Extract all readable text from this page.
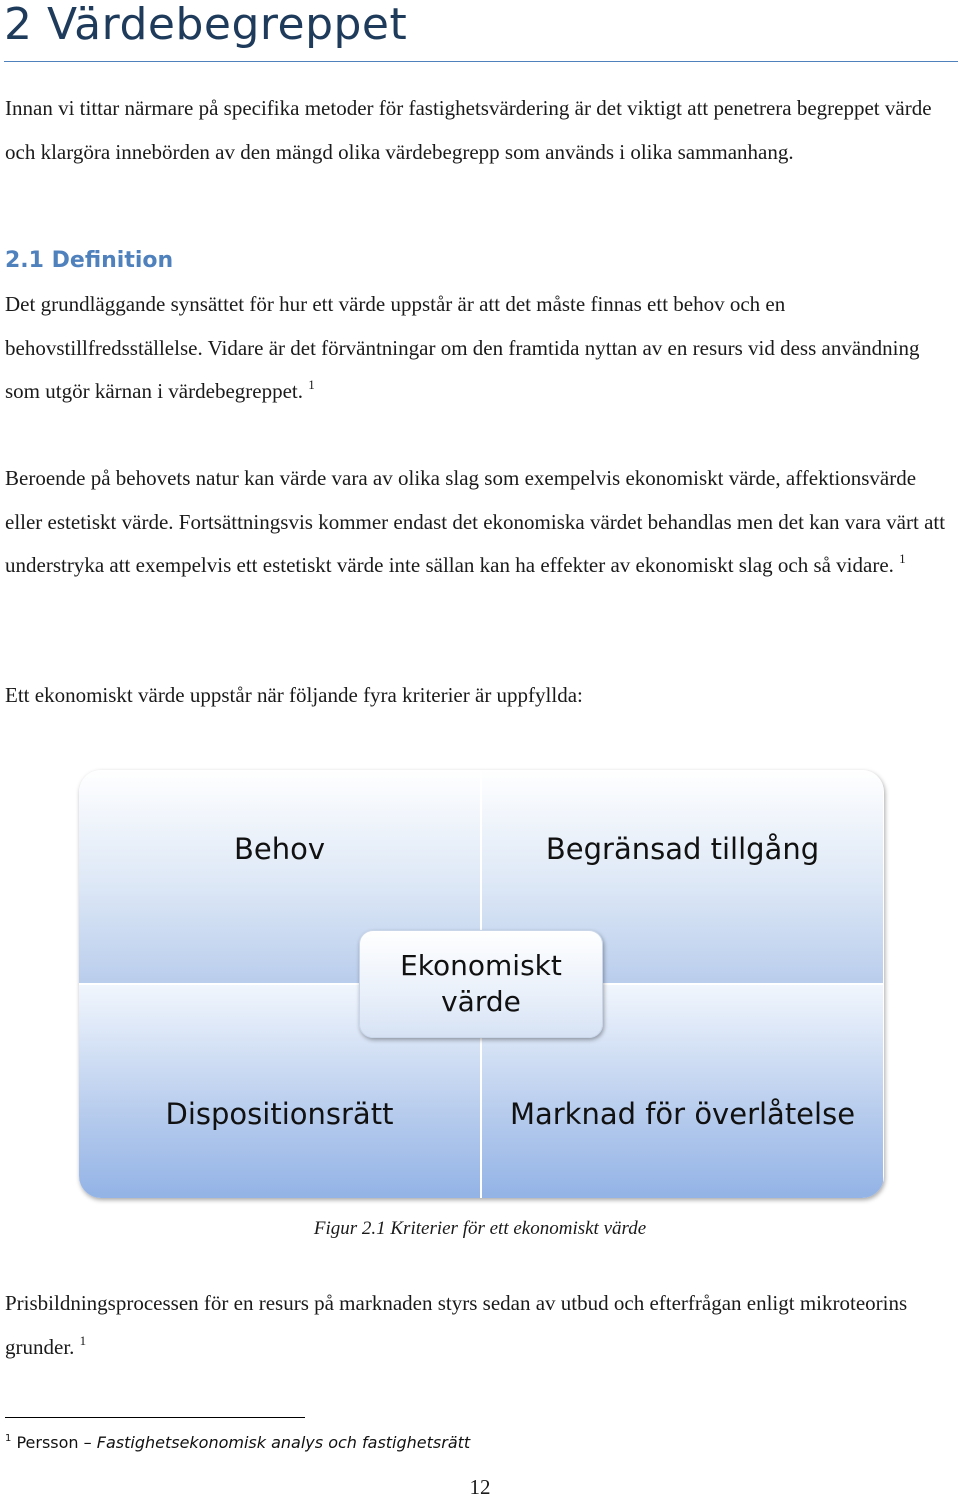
2 Värdebegreppet

Innan vi tittar närmare på specifika metoder för fastighetsvärdering är det viktigt att penetrera begreppet värde och klargöra innebörden av den mängd olika värdebegrepp som används i olika sammanhang.

2.1 Definition

Det grundläggande synsättet för hur ett värde uppstår är att det måste finnas ett behov och en behovstillfredsställelse. Vidare är det förväntningar om den framtida nyttan av en resurs vid dess användning som utgör kärnan i värdebegreppet. $^1$

Beroende på behovets natur kan värde vara av olika slag som exempelvis ekonomiskt värde, affektionsvärde eller estetiskt värde. Fortsättningsvis kommer endast det ekonomiska värdet behandlas men det kan vara värt att understryka att exempelvis ett estetiskt värde inte sällan kan ha effekter av ekonomiskt slag och så vidare. $^1$

Ett ekonomiskt värde uppstår när följande fyra kriterier är uppfyllda:

Behov	Begränsad tillgång
Dispositionsrätt	Marknad för överlåtelse
Ekonomiskt
värde

Figur 2.1 Kriterier för ett ekonomiskt värde

Prisbildningsprocessen för en resurs på marknaden styrs sedan av utbud och efterfrågan enligt mikroteorins grunder. $^1$

$^1$ Persson – Fastighetsekonomisk analys och fastighetsrätt

12
